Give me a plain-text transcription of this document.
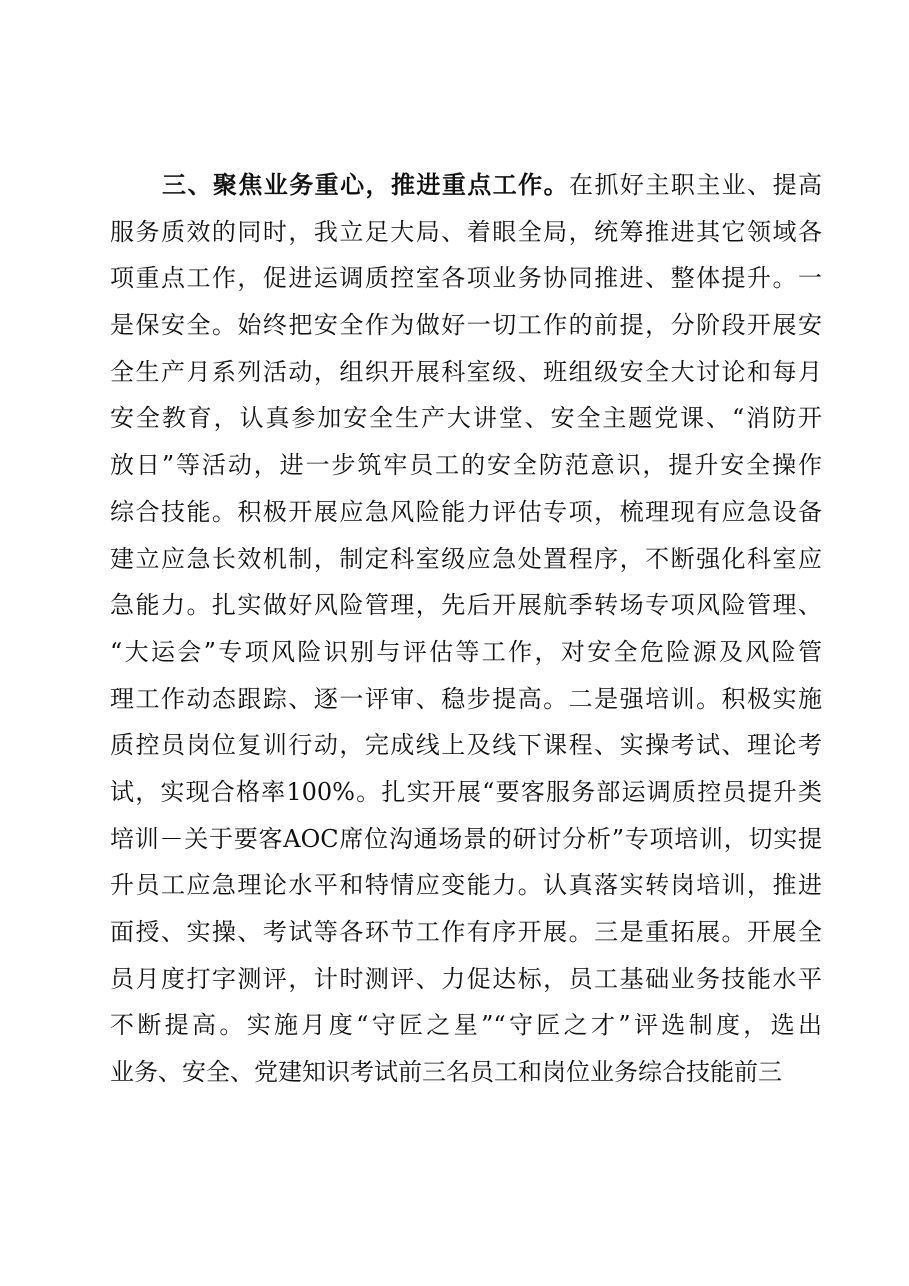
三、聚焦业务重心，推进重点工作。在抓好主职主业、提高
服务质效的同时，我立足大局、着眼全局，统筹推进其它领域各
项重点工作，促进运调质控室各项业务协同推进、整体提升。一
是保安全。始终把安全作为做好一切工作的前提，分阶段开展安
全生产月系列活动，组织开展科室级、班组级安全大讨论和每月
安全教育，认真参加安全生产大讲堂、安全主题党课、“消防开
放日”等活动，进一步筑牢员工的安全防范意识，提升安全操作
综合技能。积极开展应急风险能力评估专项，梳理现有应急设备
建立应急长效机制，制定科室级应急处置程序，不断强化科室应
急能力。扎实做好风险管理，先后开展航季转场专项风险管理、
“大运会”专项风险识别与评估等工作，对安全危险源及风险管
理工作动态跟踪、逐一评审、稳步提高。二是强培训。积极实施
质控员岗位复训行动，完成线上及线下课程、实操考试、理论考
试，实现合格率100%。扎实开展“要客服务部运调质控员提升类
培训－关于要客AOC席位沟通场景的研讨分析”专项培训，切实提
升员工应急理论水平和特情应变能力。认真落实转岗培训，推进
面授、实操、考试等各环节工作有序开展。三是重拓展。开展全
员月度打字测评，计时测评、力促达标，员工基础业务技能水平
不断提高。实施月度“守匠之星”“守匠之才”评选制度，选出
业务、安全、党建知识考试前三名员工和岗位业务综合技能前三
